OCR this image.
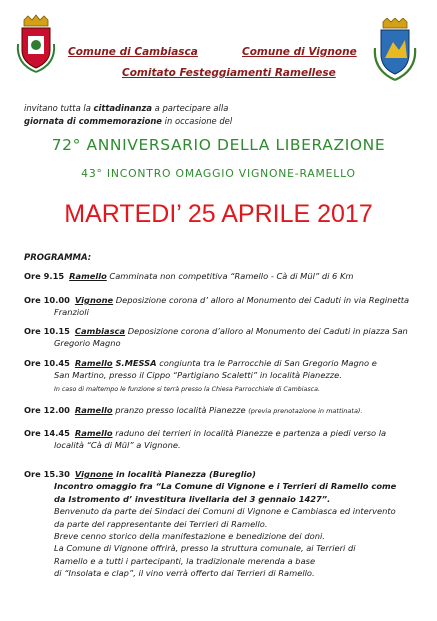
Comune di Cambiasca	Comune di Vignone
Comitato Festeggiamenti Ramellese
invitano tutta la cittadinanza a partecipare alla
giornata di commemorazione in occasione del
72° ANNIVERSARIO DELLA LIBERAZIONE
43° INCONTRO OMAGGIO VIGNONE-RAMELLO
MARTEDI’ 25 APRILE 2017
PROGRAMMA:
Ore 9.15 Ramello Camminata non competitiva “Ramello - Cà di Mül” di 6 Km
Ore 10.00 Vignone Deposizione corona d’ alloro al Monumento dei Caduti in via Reginetta
Franzioli
Ore 10.15 Cambiasca Deposizione corona d’alloro al Monumento dei Caduti in piazza San
Gregorio Magno
Ore 10.45 Ramello S.MESSA congiunta tra le Parrocchie di San Gregorio Magno e
San Martino, presso il Cippo “Partigiano Scaletti” in località Pianezze.
In caso di maltempo le funzione si terrà presso la Chiesa Parrocchiale di Cambiasca.
Ore 12.00 Ramello pranzo presso località Pianezze (previa prenotazione in mattinata).
Ore 14.45 Ramello raduno dei terrieri in località Pianezze e partenza a piedi verso la
località “Cà di Mül” a Vignone.
Ore 15.30 Vignone in località Pianezza (Bureglio)
Incontro omaggio fra “La Comune di Vignone e i Terrieri di Ramello come
da Istromento d’ investitura livellaria del 3 gennaio 1427”.
Benvenuto da parte dei Sindaci dei Comuni di Vignone e Cambiasca ed intervento
da parte del rappresentante dei Terrieri di Ramello.
Breve cenno storico della manifestazione e benedizione dei doni.
La Comune di Vignone offrirà, presso la struttura comunale, ai Terrieri di
Ramello e a tutti i partecipanti, la tradizionale merenda a base
di “Insolata e clap”, il vino verrà offerto dai Terrieri di Ramello.
